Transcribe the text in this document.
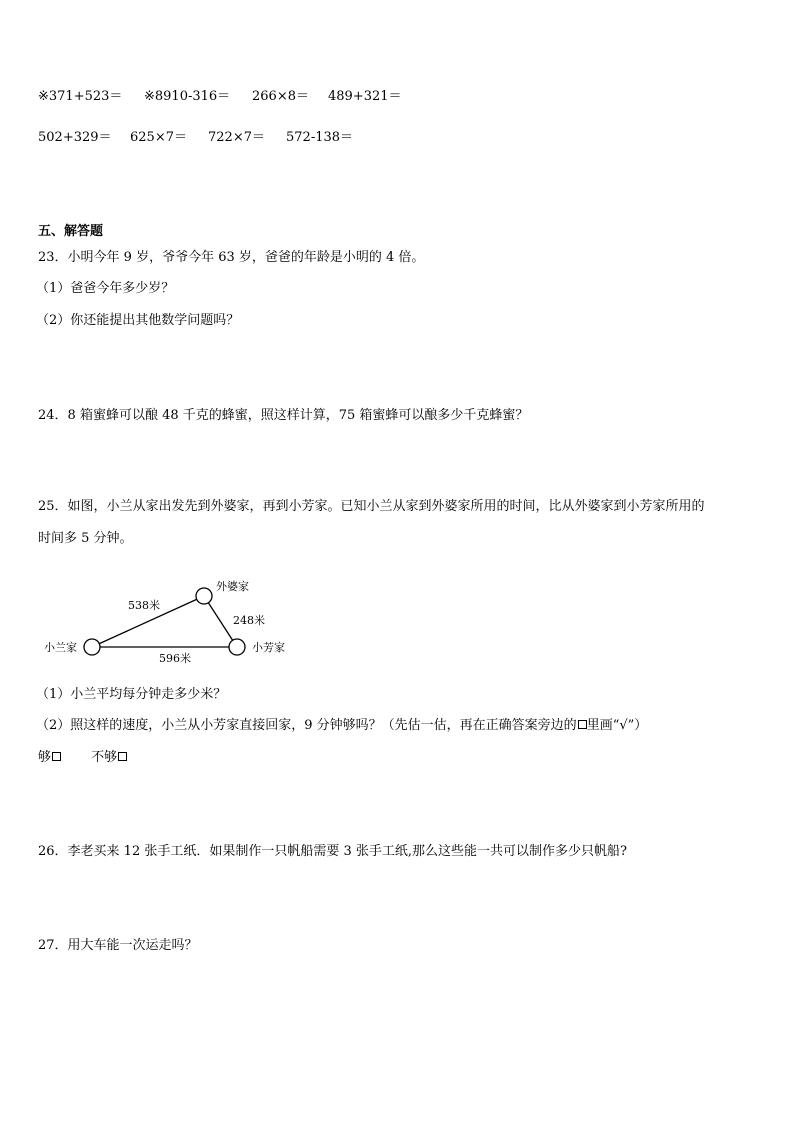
※371+523＝ ※8910-316＝ 266×8＝ 489+321＝
502+329＝ 625×7＝ 722×7＝ 572-138＝
五、解答题
23．小明今年 9 岁，爷爷今年 63 岁，爸爸的年龄是小明的 4 倍。
（1）爸爸今年多少岁？
（2）你还能提出其他数学问题吗？
24．8 箱蜜蜂可以酿 48 千克的蜂蜜，照这样计算，75 箱蜜蜂可以酿多少千克蜂蜜？
25．如图，小兰从家出发先到外婆家，再到小芳家。已知小兰从家到外婆家所用的时间，比从外婆家到小芳家所用的
时间多 5 分钟。
小兰家
外婆家
小芳家
538米
248米
596米
（1）小兰平均每分钟走多少米？
（2）照这样的速度，小兰从小芳家直接回家，9 分钟够吗？（先估一估，再在正确答案旁边的 里画“√”）
够	不够
26．李老买来 12 张手工纸．如果制作一只帆船需要 3 张手工纸,那么这些能一共可以制作多少只帆船?
27．用大车能一次运走吗？
